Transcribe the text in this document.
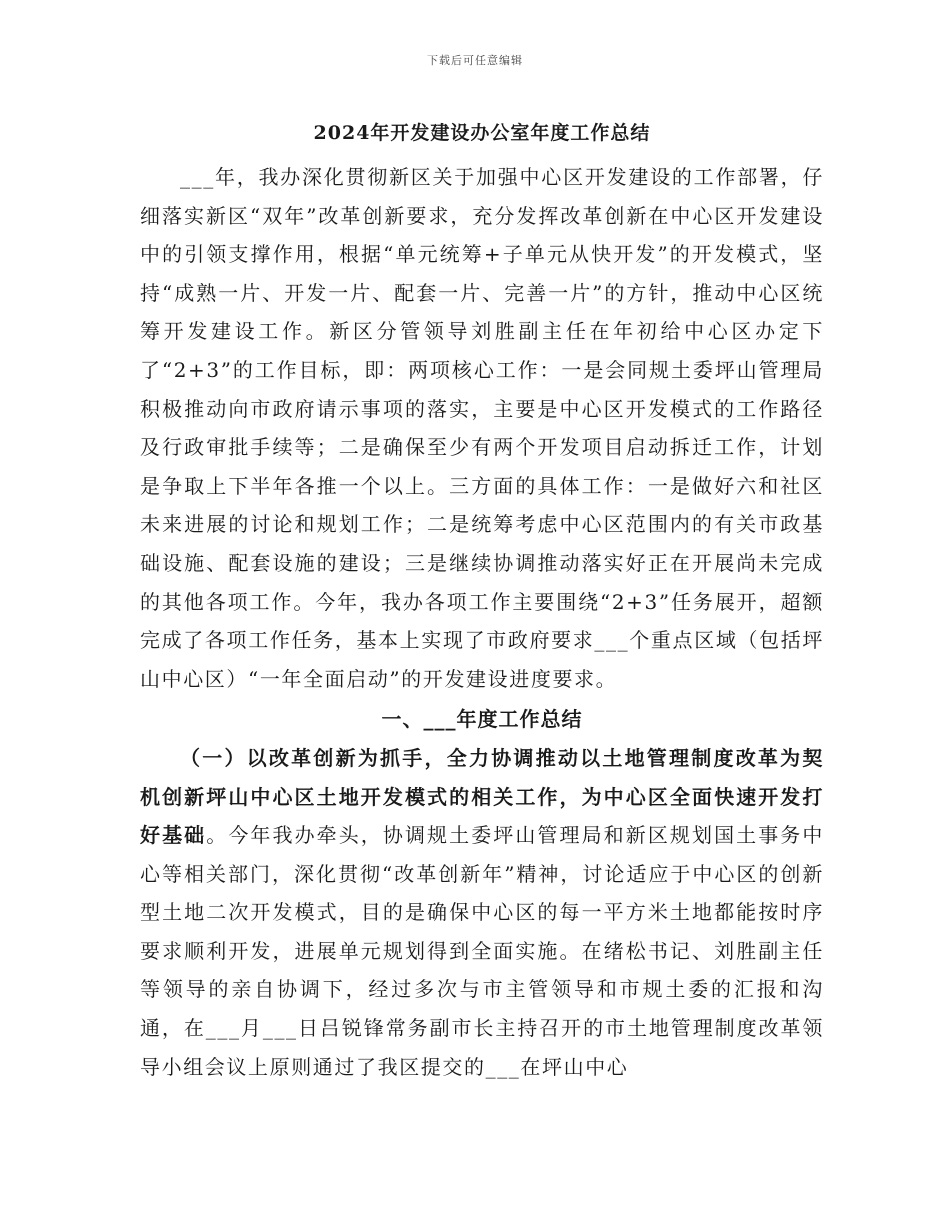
下载后可任意编辑
2024年开发建设办公室年度工作总结

___年，我办深化贯彻新区关于加强中心区开发建设的工作部署，仔细落实新区“双年”改革创新要求，充分发挥改革创新在中心区开发建设中的引领支撑作用，根据“单元统筹+子单元从快开发”的开发模式，坚持“成熟一片、开发一片、配套一片、完善一片”的方针，推动中心区统筹开发建设工作。新区分管领导刘胜副主任在年初给中心区办定下了“2+3”的工作目标，即：两项核心工作：一是会同规土委坪山管理局积极推动向市政府请示事项的落实，主要是中心区开发模式的工作路径及行政审批手续等；二是确保至少有两个开发项目启动拆迁工作，计划是争取上下半年各推一个以上。三方面的具体工作：一是做好六和社区未来进展的讨论和规划工作；二是统筹考虑中心区范围内的有关市政基础设施、配套设施的建设；三是继续协调推动落实好正在开展尚未完成的其他各项工作。今年，我办各项工作主要围绕“2+3”任务展开，超额完成了各项工作任务，基本上实现了市政府要求___个重点区域（包括坪山中心区）“一年全面启动”的开发建设进度要求。

一、___年度工作总结

（一）以改革创新为抓手，全力协调推动以土地管理制度改革为契机创新坪山中心区土地开发模式的相关工作，为中心区全面快速开发打好基础。今年我办牵头，协调规土委坪山管理局和新区规划国土事务中心等相关部门，深化贯彻“改革创新年”精神，讨论适应于中心区的创新型土地二次开发模式，目的是确保中心区的每一平方米土地都能按时序要求顺利开发，进展单元规划得到全面实施。在绪松书记、刘胜副主任等领导的亲自协调下，经过多次与市主管领导和市规土委的汇报和沟通，在___月___日吕锐锋常务副市长主持召开的市土地管理制度改革领导小组会议上原则通过了我区提交的___在坪山中心
